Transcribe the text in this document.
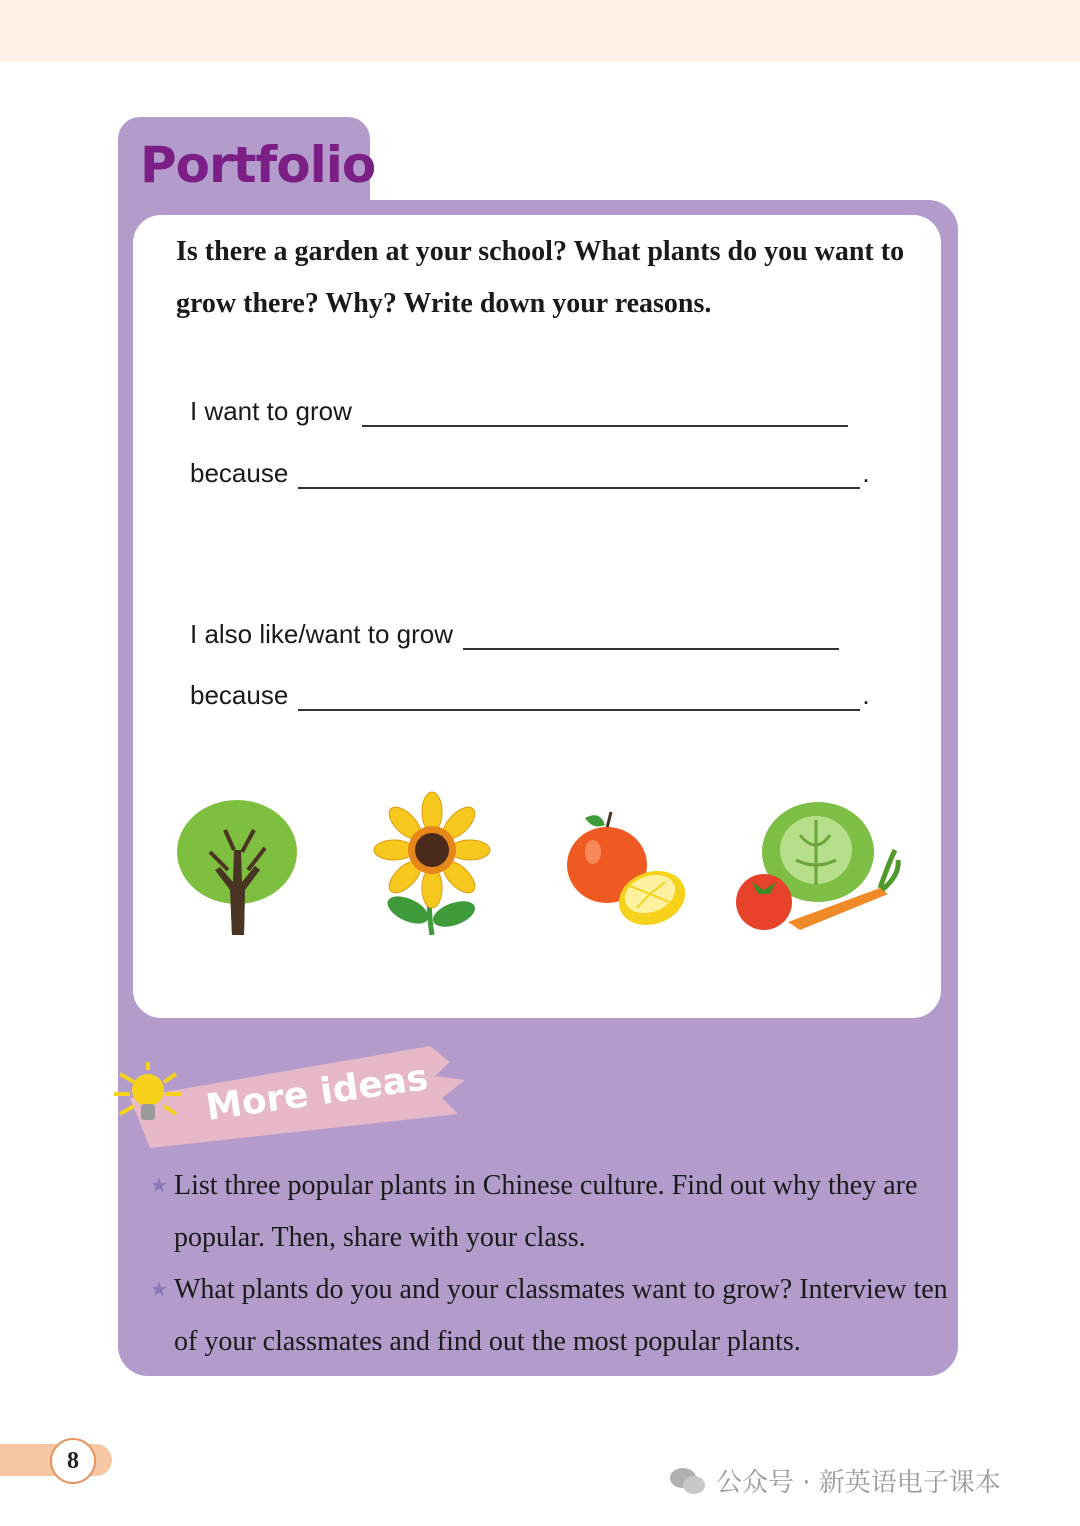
Portfolio
Is there a garden at your school? What plants do you want to grow there? Why? Write down your reasons.
I want to grow
because	.
I also like/want to grow
because	.
More ideas
★ List three popular plants in Chinese culture. Find out why they are popular. Then, share with your class.
★ What plants do you and your classmates want to grow? Interview ten of your classmates and find out the most popular plants.
8
公众号 · 新英语电子课本
